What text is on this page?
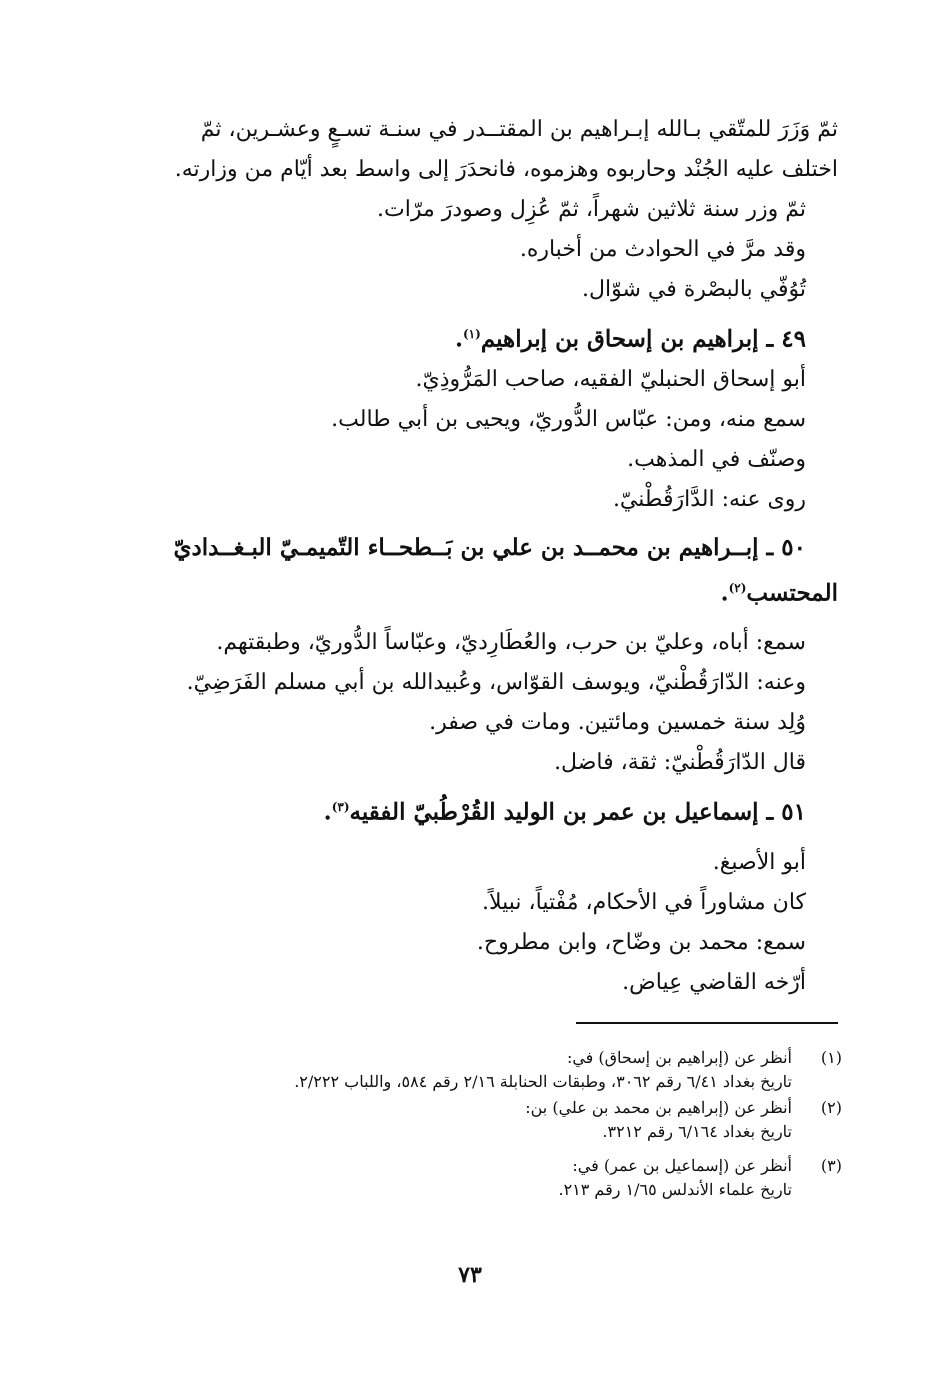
ثمّ وَزَرَ للمتّقي بـالله إبـراهيم بن المقتــدر في سنـة تسـعٍ وعشـرين، ثمّ
اختلف عليه الجُنْد وحاربوه وهزموه، فانحدَرَ إلى واسط بعد أيّام من وزارته.
ثمّ وزر سنة ثلاثين شهراً، ثمّ عُزِل وصودرَ مرّات.
وقد مرَّ في الحوادث من أخباره.
تُوُفّي بالبصْرة في شوّال.
٤٩ ـ إبراهيم بن إسحاق بن إبراهيم$^{(١)}$.
أبو إسحاق الحنبليّ الفقيه، صاحب المَرُّوذِيّ.
سمع منه، ومن: عبّاس الدُّوريّ، ويحيى بن أبي طالب.
وصنّف في المذهب.
روى عنه: الدَّارَقُطْنيّ.
٥٠ ـ إبــراهيم بن محمــد بن علي بن بَــطحــاء التّميمـيّ البـغــداديّ
المحتسب$^{(٢)}$.
سمع: أباه، وعليّ بن حرب، والعُطَارِديّ، وعبّاساً الدُّوريّ، وطبقتهم.
وعنه: الدّارَقُطْنيّ، ويوسف القوّاس، وعُبيدالله بن أبي مسلم الفَرَضِيّ.
وُلِد سنة خمسين ومائتين. ومات في صفر.
قال الدّارَقُطْنيّ: ثقة، فاضل.
٥١ ـ إسماعيل بن عمر بن الوليد القُرْطُبيّ الفقيه$^{(٣)}$.
أبو الأصبغ.
كان مشاوراً في الأحكام، مُفْتياً، نبيلاً.
سمع: محمد بن وضّاح، وابن مطروح.
أرّخه القاضي عِياض.
(١)
أنظر عن (إبراهيم بن إسحاق) في:
تاريخ بغداد ٦/٤١ رقم ٣٠٦٢، وطبقات الحنابلة ٢/١٦ رقم ٥٨٤، واللباب ٢/٢٢٢.
(٢)
أنظر عن (إبراهيم بن محمد بن علي) بن:
تاريخ بغداد ٦/١٦٤ رقم ٣٢١٢.
(٣)
أنظر عن (إسماعيل بن عمر) في:
تاريخ علماء الأندلس ١/٦٥ رقم ٢١٣.
٧٣
